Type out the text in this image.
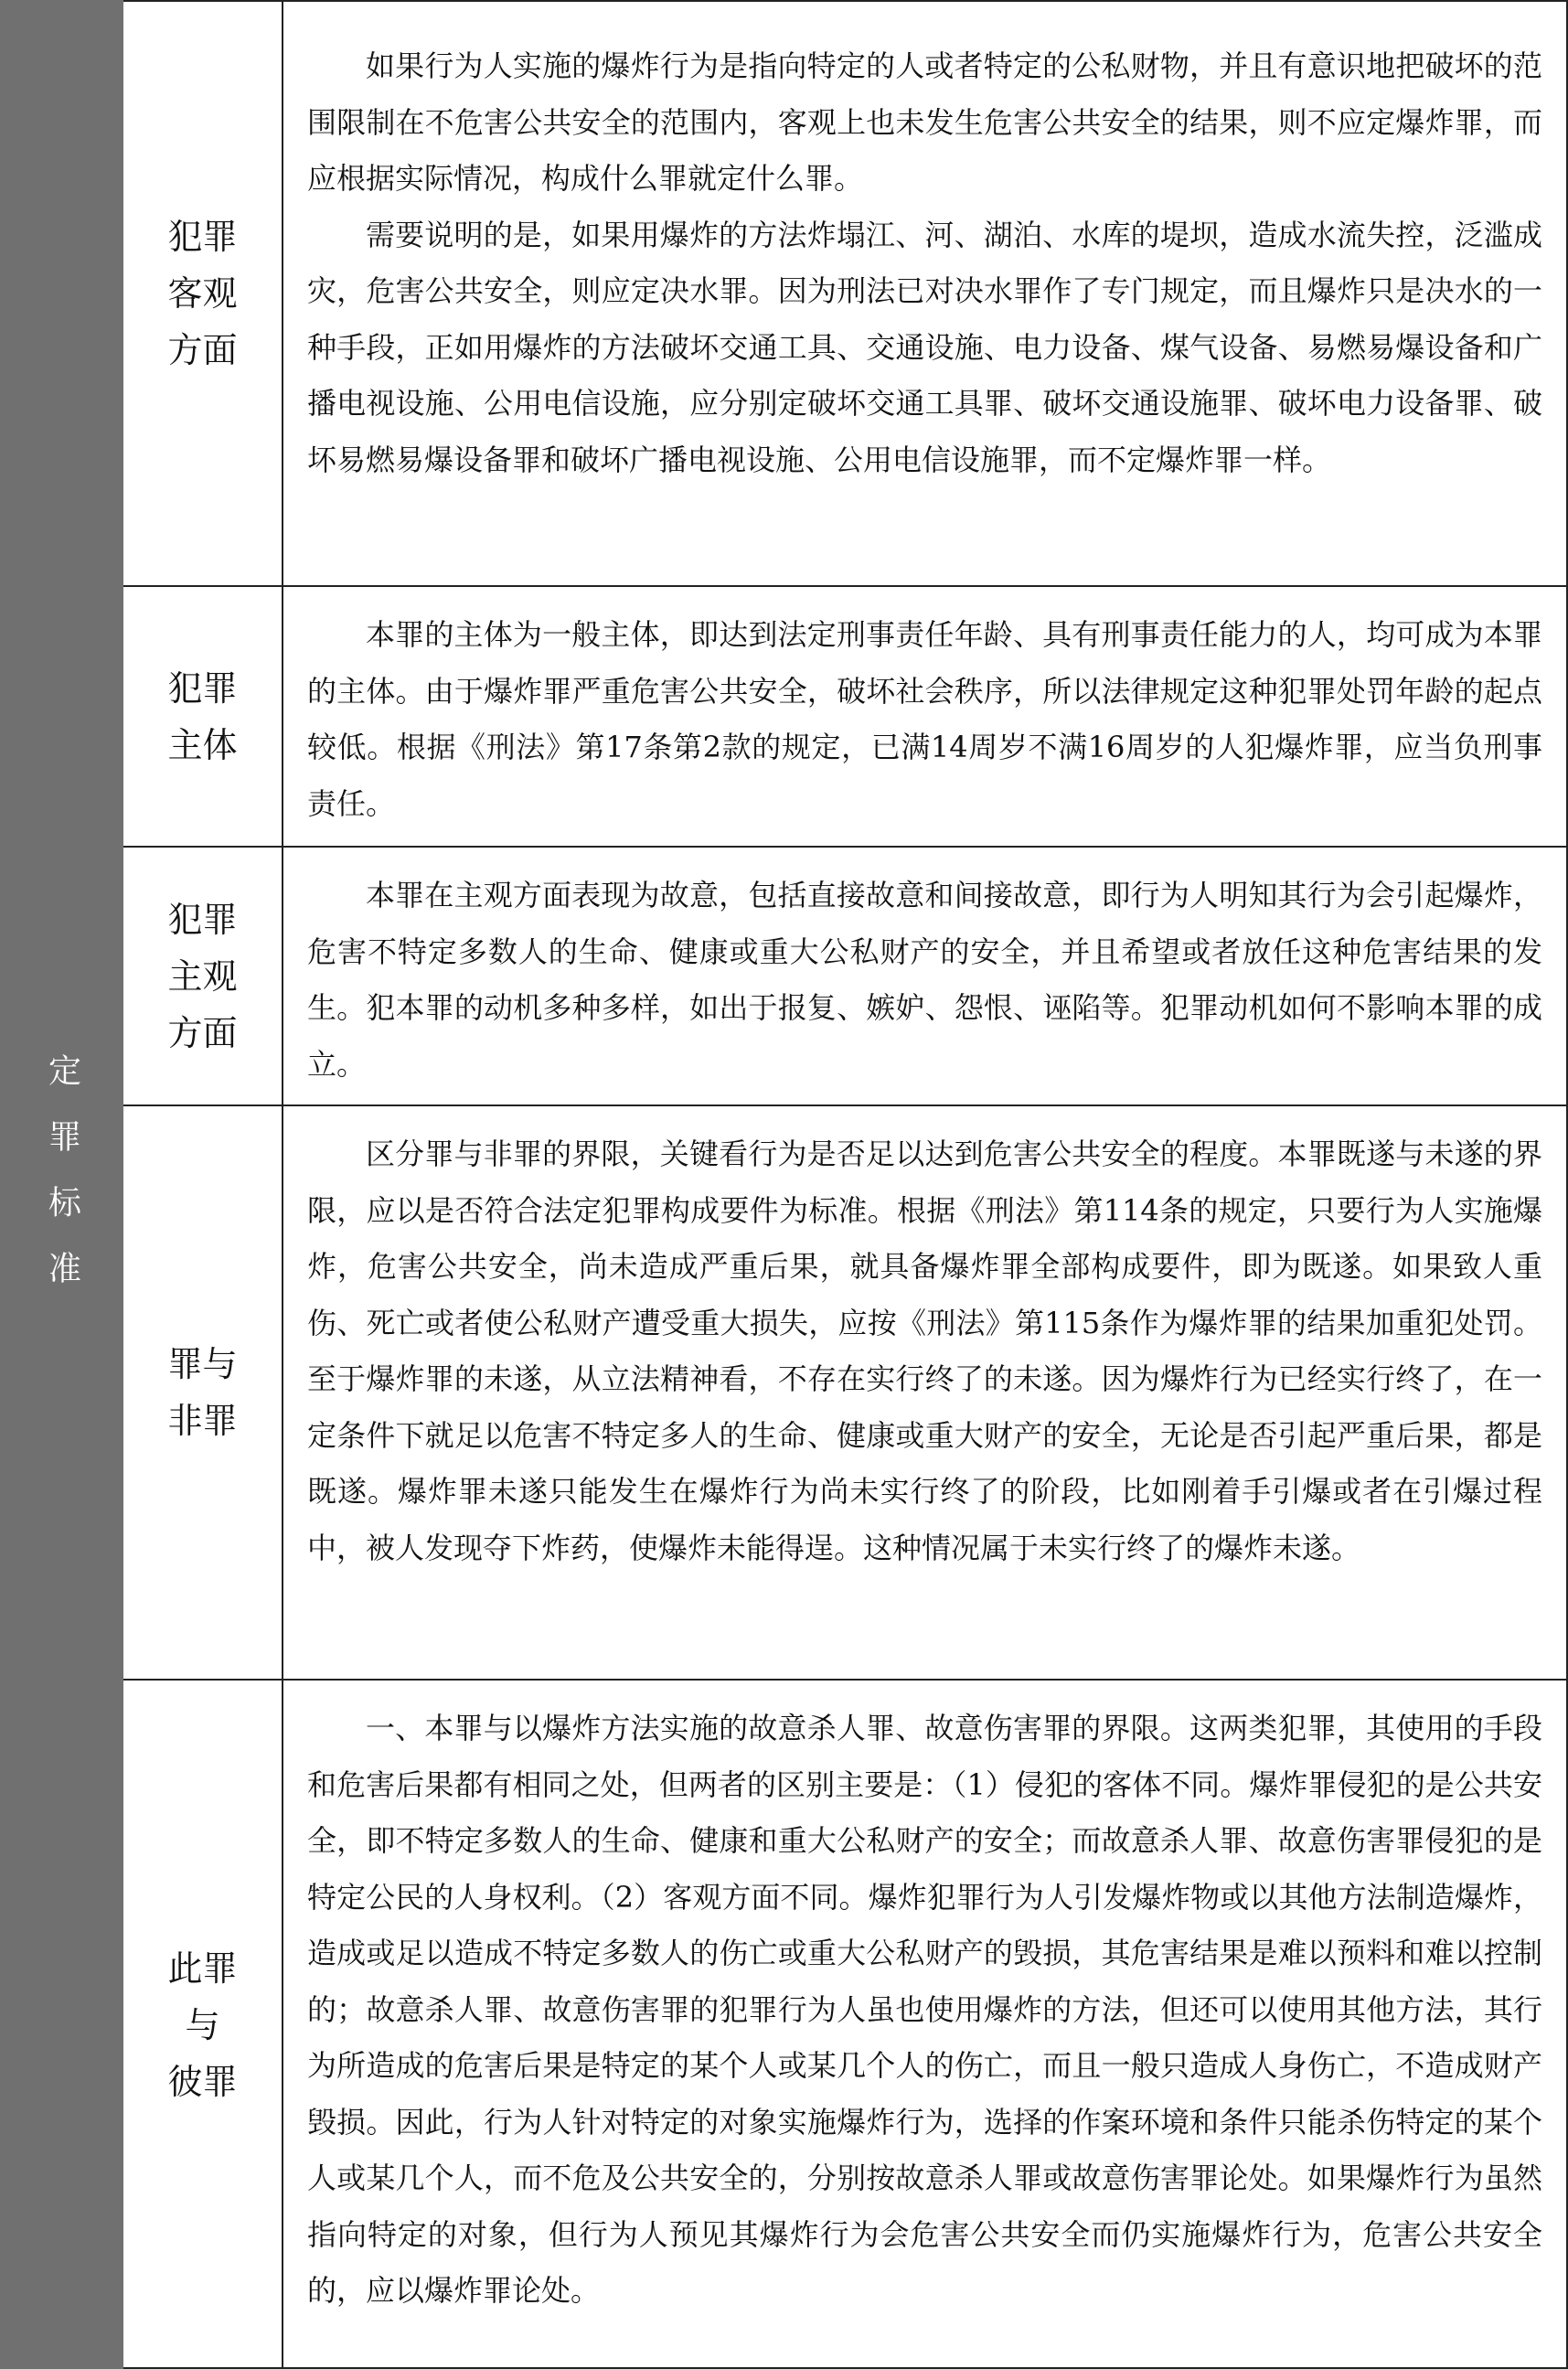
定罪标准
犯罪
客观
方面

如果行为人实施的爆炸行为是指向特定的人或者特定的公私财物，并且有意识地把破坏的范围限制在不危害公共安全的范围内，客观上也未发生危害公共安全的结果，则不应定爆炸罪，而应根据实际情况，构成什么罪就定什么罪。

需要说明的是，如果用爆炸的方法炸塌江、河、湖泊、水库的堤坝，造成水流失控，泛滥成灾，危害公共安全，则应定决水罪。因为刑法已对决水罪作了专门规定，而且爆炸只是决水的一种手段，正如用爆炸的方法破坏交通工具、交通设施、电力设备、煤气设备、易燃易爆设备和广播电视设施、公用电信设施，应分别定破坏交通工具罪、破坏交通设施罪、破坏电力设备罪、破坏易燃易爆设备罪和破坏广播电视设施、公用电信设施罪，而不定爆炸罪一样。

犯罪
主体

本罪的主体为一般主体，即达到法定刑事责任年龄、具有刑事责任能力的人，均可成为本罪的主体。由于爆炸罪严重危害公共安全，破坏社会秩序，所以法律规定这种犯罪处罚年龄的起点较低。根据《刑法》第17条第2款的规定，已满14周岁不满16周岁的人犯爆炸罪，应当负刑事责任。

犯罪
主观
方面

本罪在主观方面表现为故意，包括直接故意和间接故意，即行为人明知其行为会引起爆炸，危害不特定多数人的生命、健康或重大公私财产的安全，并且希望或者放任这种危害结果的发生。犯本罪的动机多种多样，如出于报复、嫉妒、怨恨、诬陷等。犯罪动机如何不影响本罪的成立。

罪与
非罪

区分罪与非罪的界限，关键看行为是否足以达到危害公共安全的程度。本罪既遂与未遂的界限，应以是否符合法定犯罪构成要件为标准。根据《刑法》第114条的规定，只要行为人实施爆炸，危害公共安全，尚未造成严重后果，就具备爆炸罪全部构成要件，即为既遂。如果致人重伤、死亡或者使公私财产遭受重大损失，应按《刑法》第115条作为爆炸罪的结果加重犯处罚。至于爆炸罪的未遂，从立法精神看，不存在实行终了的未遂。因为爆炸行为已经实行终了，在一定条件下就足以危害不特定多人的生命、健康或重大财产的安全，无论是否引起严重后果，都是既遂。爆炸罪未遂只能发生在爆炸行为尚未实行终了的阶段，比如刚着手引爆或者在引爆过程中，被人发现夺下炸药，使爆炸未能得逞。这种情况属于未实行终了的爆炸未遂。

此罪
与
彼罪

一、本罪与以爆炸方法实施的故意杀人罪、故意伤害罪的界限。这两类犯罪，其使用的手段和危害后果都有相同之处，但两者的区别主要是：（1）侵犯的客体不同。爆炸罪侵犯的是公共安全，即不特定多数人的生命、健康和重大公私财产的安全；而故意杀人罪、故意伤害罪侵犯的是特定公民的人身权利。（2）客观方面不同。爆炸犯罪行为人引发爆炸物或以其他方法制造爆炸，造成或足以造成不特定多数人的伤亡或重大公私财产的毁损，其危害结果是难以预料和难以控制的；故意杀人罪、故意伤害罪的犯罪行为人虽也使用爆炸的方法，但还可以使用其他方法，其行为所造成的危害后果是特定的某个人或某几个人的伤亡，而且一般只造成人身伤亡，不造成财产毁损。因此，行为人针对特定的对象实施爆炸行为，选择的作案环境和条件只能杀伤特定的某个人或某几个人，而不危及公共安全的，分别按故意杀人罪或故意伤害罪论处。如果爆炸行为虽然指向特定的对象，但行为人预见其爆炸行为会危害公共安全而仍实施爆炸行为，危害公共安全的，应以爆炸罪论处。
